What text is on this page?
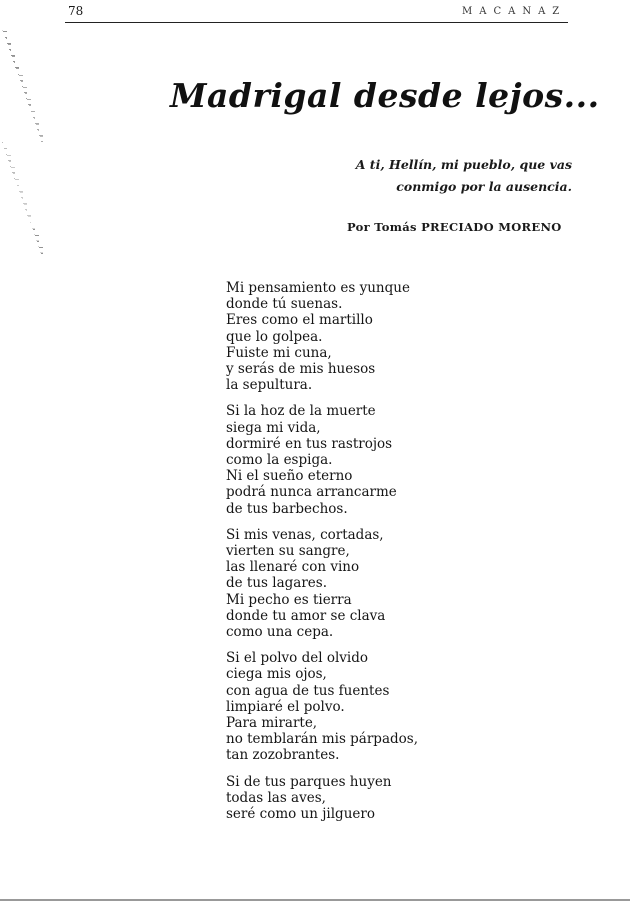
78	MACANAZ
Madrigal desde lejos...
A ti, Hellín, mi pueblo, que vas
conmigo por la ausencia.
Por Tomás PRECIADO MORENO
Mi pensamiento es yunque
donde tú suenas.
Eres como el martillo
que lo golpea.
Fuiste mi cuna,
y serás de mis huesos
la sepultura.
Si la hoz de la muerte
siega mi vida,
dormiré en tus rastrojos
como la espiga.
Ni el sueño eterno
podrá nunca arrancarme
de tus barbechos.
Si mis venas, cortadas,
vierten su sangre,
las llenaré con vino
de tus lagares.
Mi pecho es tierra
donde tu amor se clava
como una cepa.
Si el polvo del olvido
ciega mis ojos,
con agua de tus fuentes
limpiaré el polvo.
Para mirarte,
no temblarán mis párpados,
tan zozobrantes.
Si de tus parques huyen
todas las aves,
seré como un jilguero
